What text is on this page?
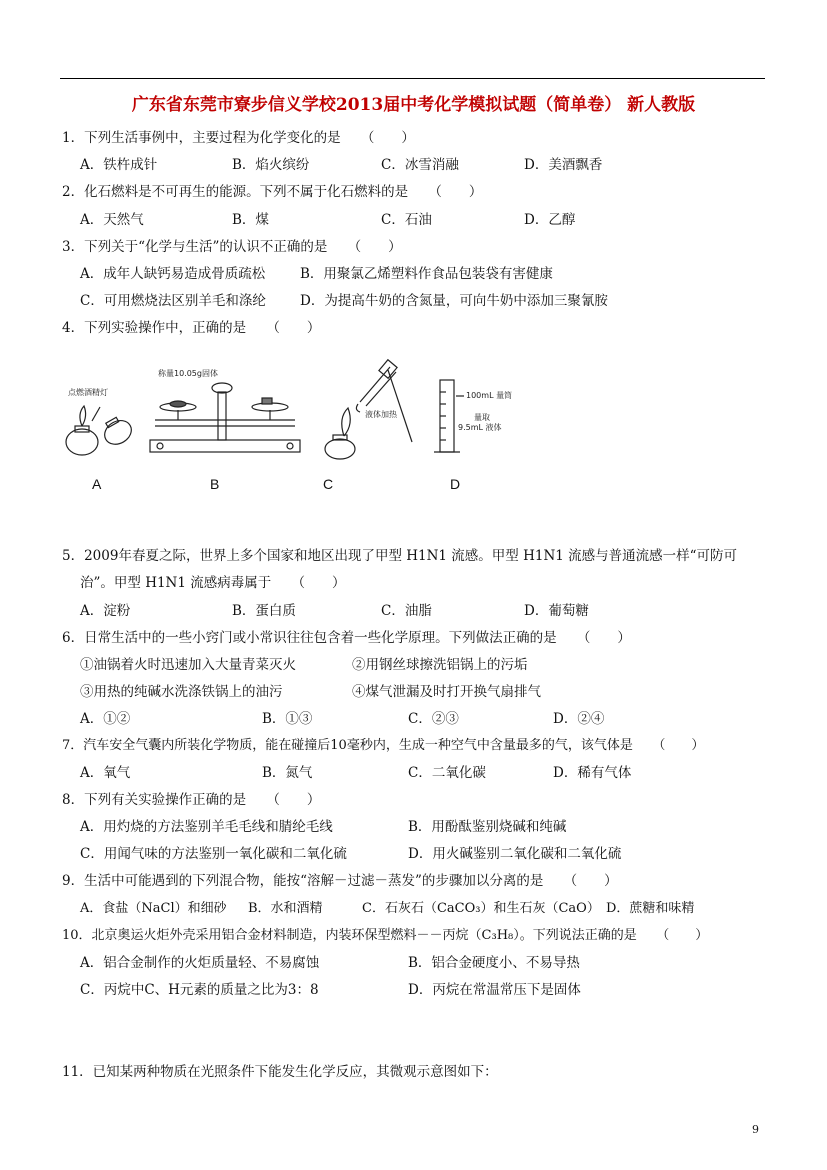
广东省东莞市寮步信义学校2013届中考化学模拟试题（简单卷） 新人教版
1．下列生活事例中，主要过程为化学变化的是　　（　　）
A．铁杵成针	B．焰火缤纷	C．冰雪消融	D．美酒飘香
2．化石燃料是不可再生的能源。下列不属于化石燃料的是　　（　　）
A．天然气	B．煤	C．石油	D．乙醇
3．下列关于“化学与生活”的认识不正确的是　　（　　）
A．成年人缺钙易造成骨质疏松	B．用聚氯乙烯塑料作食品包装袋有害健康
C．可用燃烧法区别羊毛和涤纶	D．为提高牛奶的含氮量，可向牛奶中添加三聚氰胺
4．下列实验操作中，正确的是　　（　　）
点燃酒精灯
称量10.05g固体
液体加热
100mL 量筒
量取
9.5mL 液体
A	B	C	D
5．2009年春夏之际，世界上多个国家和地区出现了甲型 H1N1 流感。甲型 H1N1 流感与普通流感一样“可防可
治”。甲型 H1N1 流感病毒属于　　（　　）
A．淀粉	B．蛋白质	C．油脂	D．葡萄糖
6．日常生活中的一些小窍门或小常识往往包含着一些化学原理。下列做法正确的是　　（　　）
①油锅着火时迅速加入大量青菜灭火	②用钢丝球擦洗铝锅上的污垢
③用热的纯碱水洗涤铁锅上的油污	④煤气泄漏及时打开换气扇排气
A．①②	B．①③	C．②③	D．②④
7．汽车安全气囊内所装化学物质，能在碰撞后10毫秒内，生成一种空气中含量最多的气，该气体是　　（　　）
A．氧气	B．氮气	C．二氧化碳	D．稀有气体
8．下列有关实验操作正确的是　　（　　）
A．用灼烧的方法鉴别羊毛毛线和腈纶毛线	B．用酚酞鉴别烧碱和纯碱
C．用闻气味的方法鉴别一氧化碳和二氧化硫	D．用火碱鉴别二氧化碳和二氧化硫
9．生活中可能遇到的下列混合物，能按“溶解－过滤－蒸发”的步骤加以分离的是　　（　　）
A．食盐（NaCl）和细砂 B．水和酒精	C．石灰石（CaCO₃）和生石灰（CaO） D．蔗糖和味精
10．北京奥运火炬外壳采用铝合金材料制造，内装环保型燃料－－丙烷（C₃H₈）。下列说法正确的是　　（　　）
A．铝合金制作的火炬质量轻、不易腐蚀	B．铝合金硬度小、不易导热
C．丙烷中C、H元素的质量之比为3：8	D．丙烷在常温常压下是固体
11．已知某两种物质在光照条件下能发生化学反应，其微观示意图如下：
9
